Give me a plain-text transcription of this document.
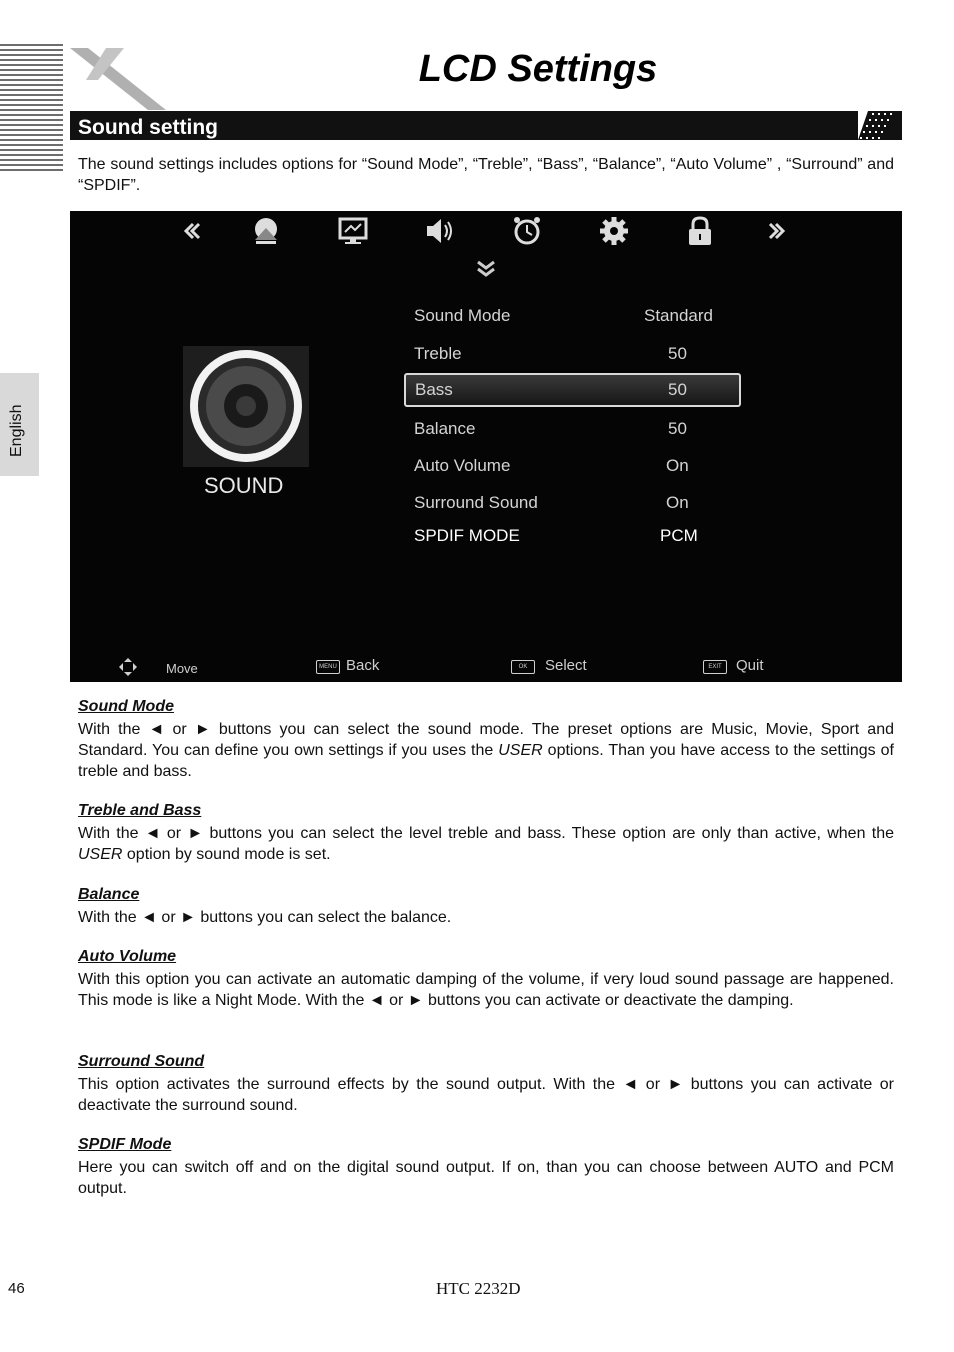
LCD Settings
Sound setting

The sound settings includes options for “Sound Mode”, “Treble”, “Bass”, “Balance”, “Auto Volume” , “Surround” and “SPDIF”.

SOUND
Sound Mode	Standard
Treble	50
Bass	50
Balance	50
Auto Volume	On
Surround Sound	On
SPDIF MODE	PCM
Move	MENU Back	OK	Select	EXIT Quit
Sound Mode

With the ◄ or ► buttons you can select the sound mode. The preset options are Music, Movie, Sport and Standard. You can define you own settings if you uses the USER options. Than you have access to the settings of treble and bass.

Treble and Bass

With the ◄ or ► buttons you can select the level treble and bass. These option are only than active, when the USER option by sound mode is set.

Balance

With the ◄ or ► buttons you can select the balance.

Auto Volume

With this option you can activate an automatic damping of the volume, if very loud sound passage are happened. This mode is like a Night Mode. With the ◄ or ► buttons you can activate or deactivate the damping.

Surround Sound

This option activates the surround effects by the sound output. With the ◄ or ► buttons you can activate or deactivate the surround sound.

SPDIF Mode

Here you can switch off and on the digital sound output. If on, than you can choose between AUTO and PCM output.

English
46	HTC 2232D
